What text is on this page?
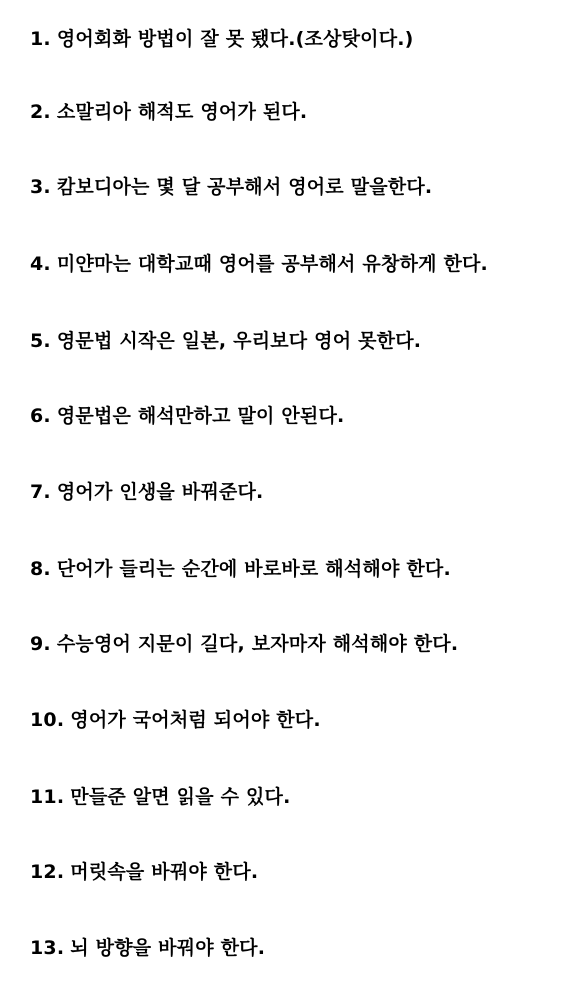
1. 영어회화 방법이 잘 못 됐다.(조상탓이다.)
2. 소말리아 해적도 영어가 된다.
3. 캄보디아는 몇 달 공부해서 영어로 말을한다.
4. 미얀마는 대학교때 영어를 공부해서 유창하게 한다.
5. 영문법 시작은 일본, 우리보다 영어 못한다.
6. 영문법은 해석만하고 말이 안된다.
7. 영어가 인생을 바꿔준다.
8. 단어가 들리는 순간에 바로바로 해석해야 한다.
9. 수능영어 지문이 길다, 보자마자 해석해야 한다.
10. 영어가 국어처럼 되어야 한다.
11. 만들준 알면 읽을 수 있다.
12. 머릿속을 바꿔야 한다.
13. 뇌 방향을 바꿔야 한다.
